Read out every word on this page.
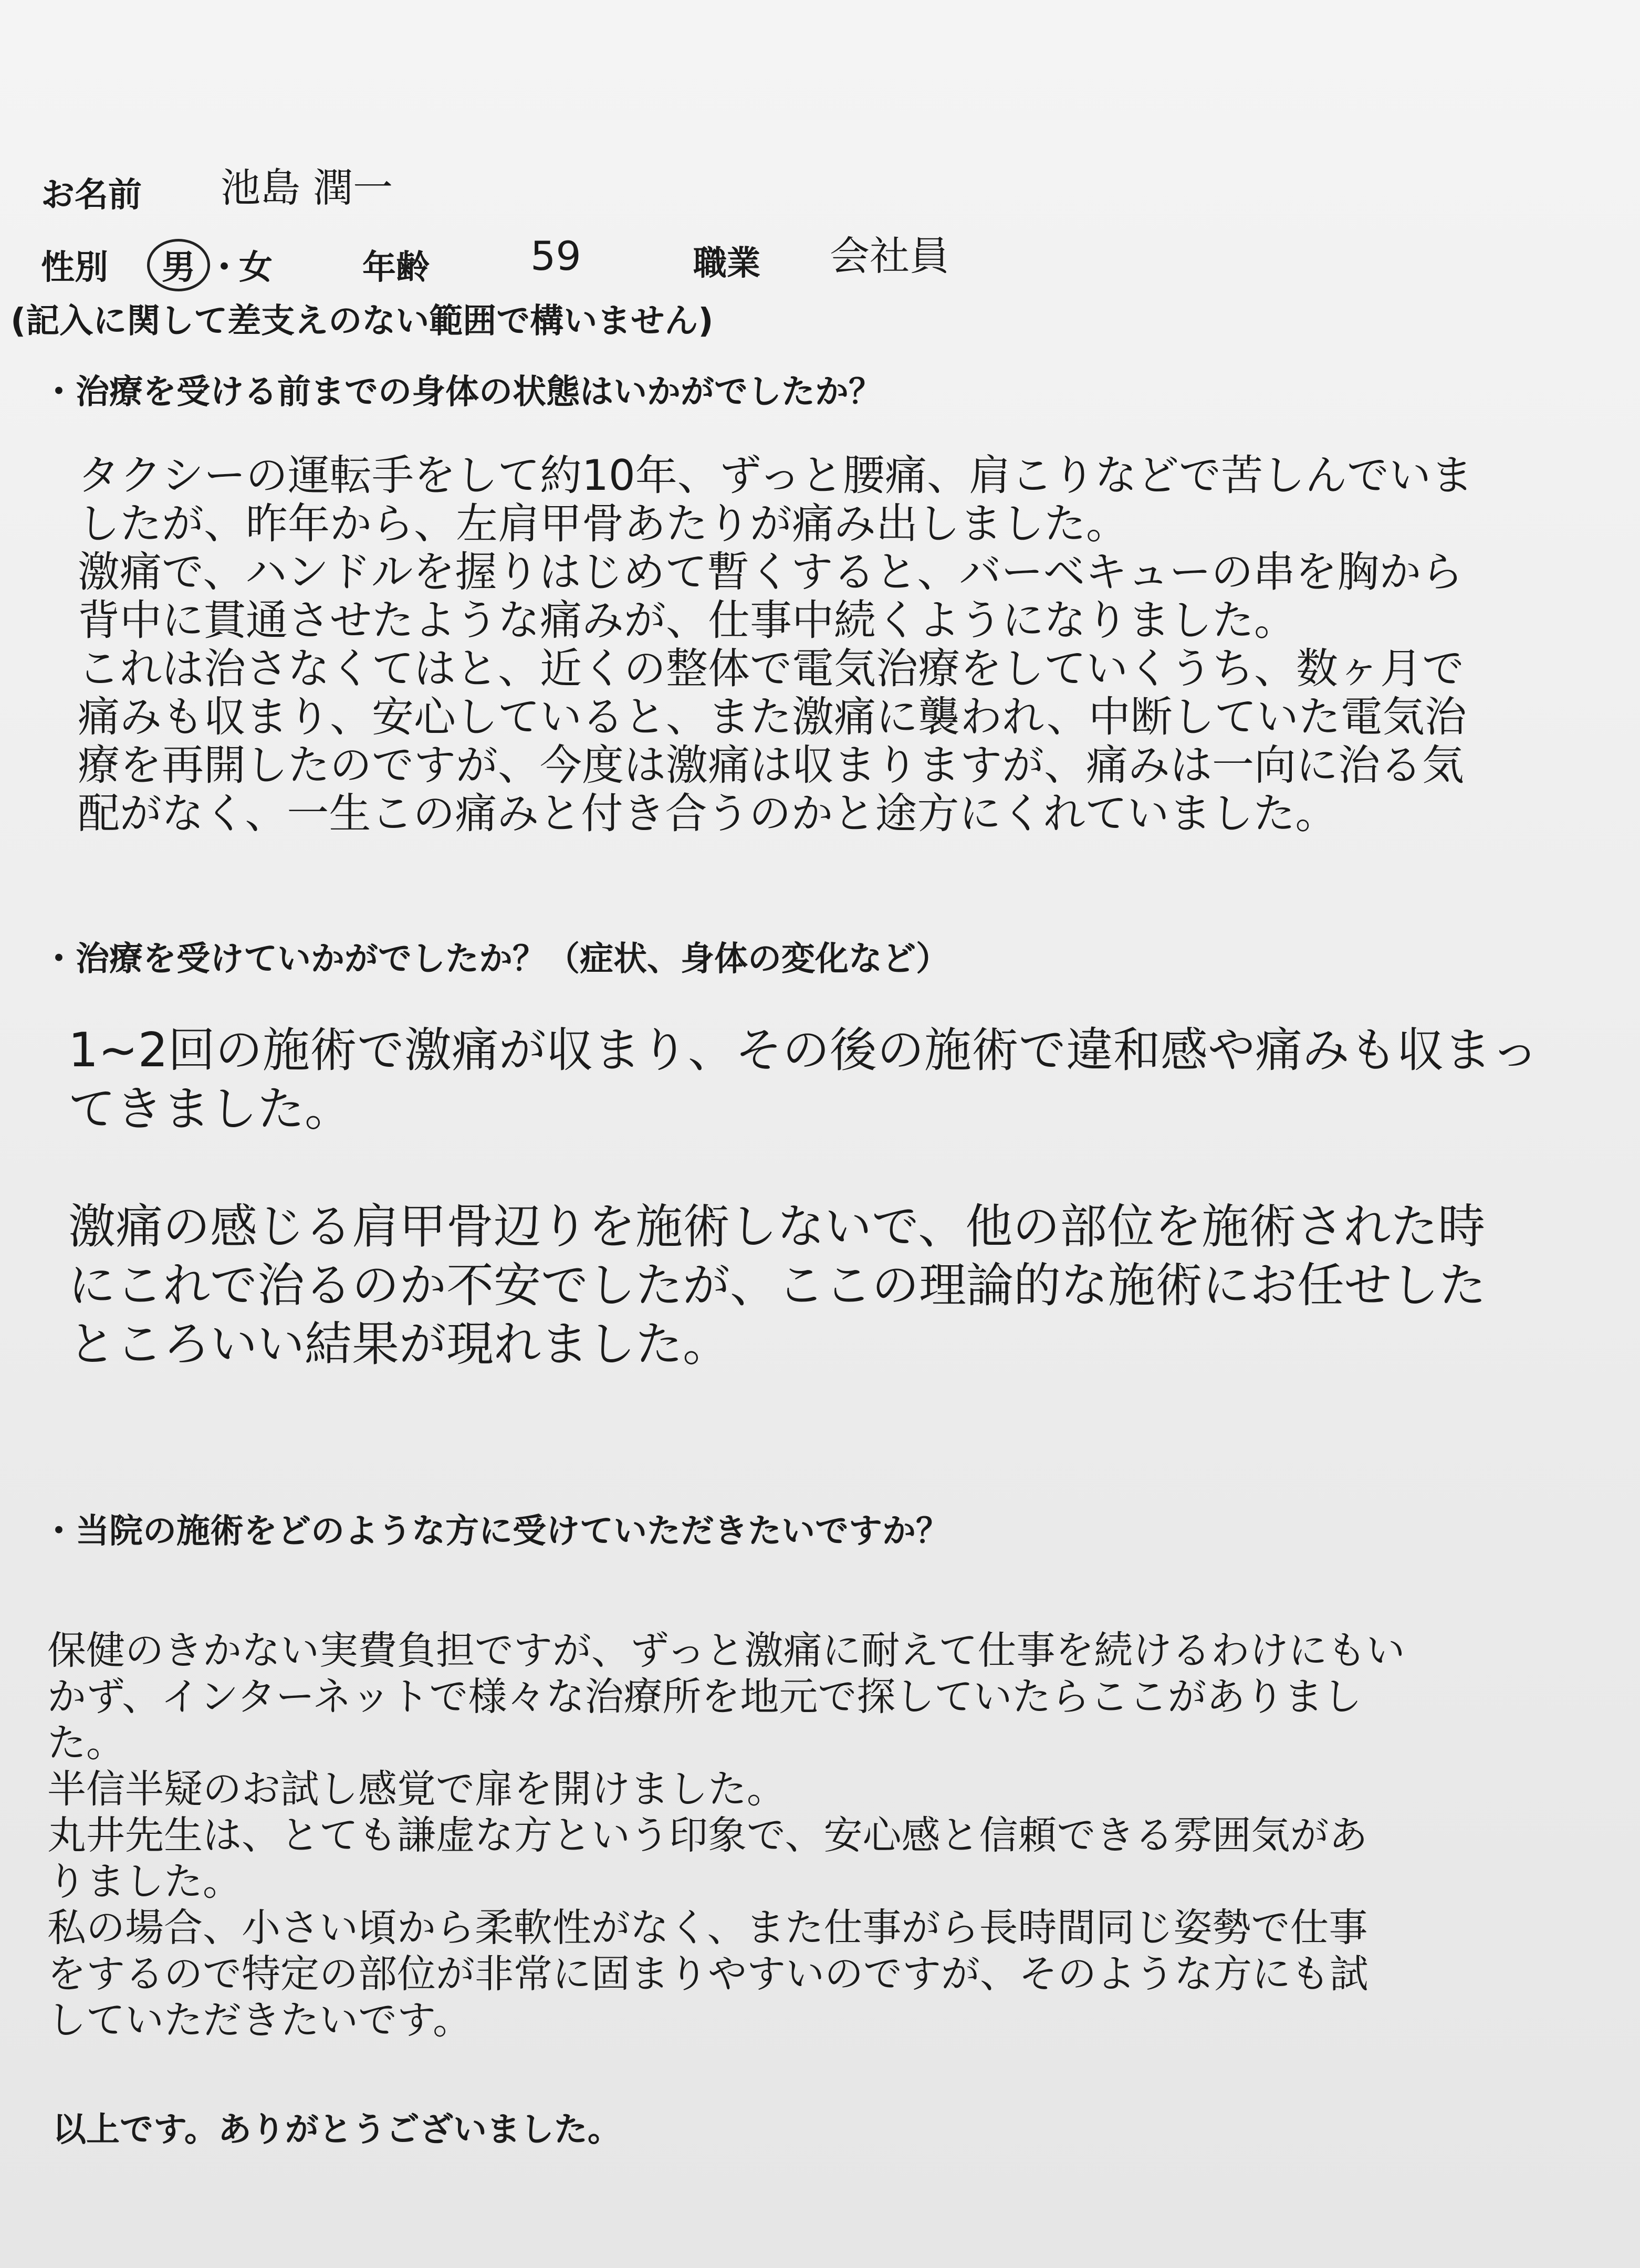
お名前 池島 潤一
性別 男 ・
女	年齢	59	職業 会社員
(記入に関して差支えのない範囲で構いません)
・治療を受ける前までの身体の状態はいかがでしたか？
タクシーの運転手をして約10年、ずっと腰痛、肩こりなどで苦しんでいま
したが、昨年から、左肩甲骨あたりが痛み出しました。
激痛で、ハンドルを握りはじめて暫くすると、バーベキューの串を胸から
背中に貫通させたような痛みが、仕事中続くようになりました。
これは治さなくてはと、近くの整体で電気治療をしていくうち、数ヶ月で
痛みも収まり、安心していると、また激痛に襲われ、中断していた電気治
療を再開したのですが、今度は激痛は収まりますが、痛みは一向に治る気
配がなく、一生この痛みと付き合うのかと途方にくれていました。
・治療を受けていかがでしたか？（症状、身体の変化など）
1~2回の施術で激痛が収まり、その後の施術で違和感や痛みも収まっ
てきました。

激痛の感じる肩甲骨辺りを施術しないで、他の部位を施術された時
にこれで治るのか不安でしたが、ここの理論的な施術にお任せした
ところいい結果が現れました。
・当院の施術をどのような方に受けていただきたいですか？
保健のきかない実費負担ですが、ずっと激痛に耐えて仕事を続けるわけにもい
かず、インターネットで様々な治療所を地元で探していたらここがありまし
た。
半信半疑のお試し感覚で扉を開けました。
丸井先生は、とても謙虚な方という印象で、安心感と信頼できる雰囲気があ
りました。
私の場合、小さい頃から柔軟性がなく、また仕事がら長時間同じ姿勢で仕事
をするので特定の部位が非常に固まりやすいのですが、そのような方にも試
していただきたいです。
以上です。ありがとうございました。
